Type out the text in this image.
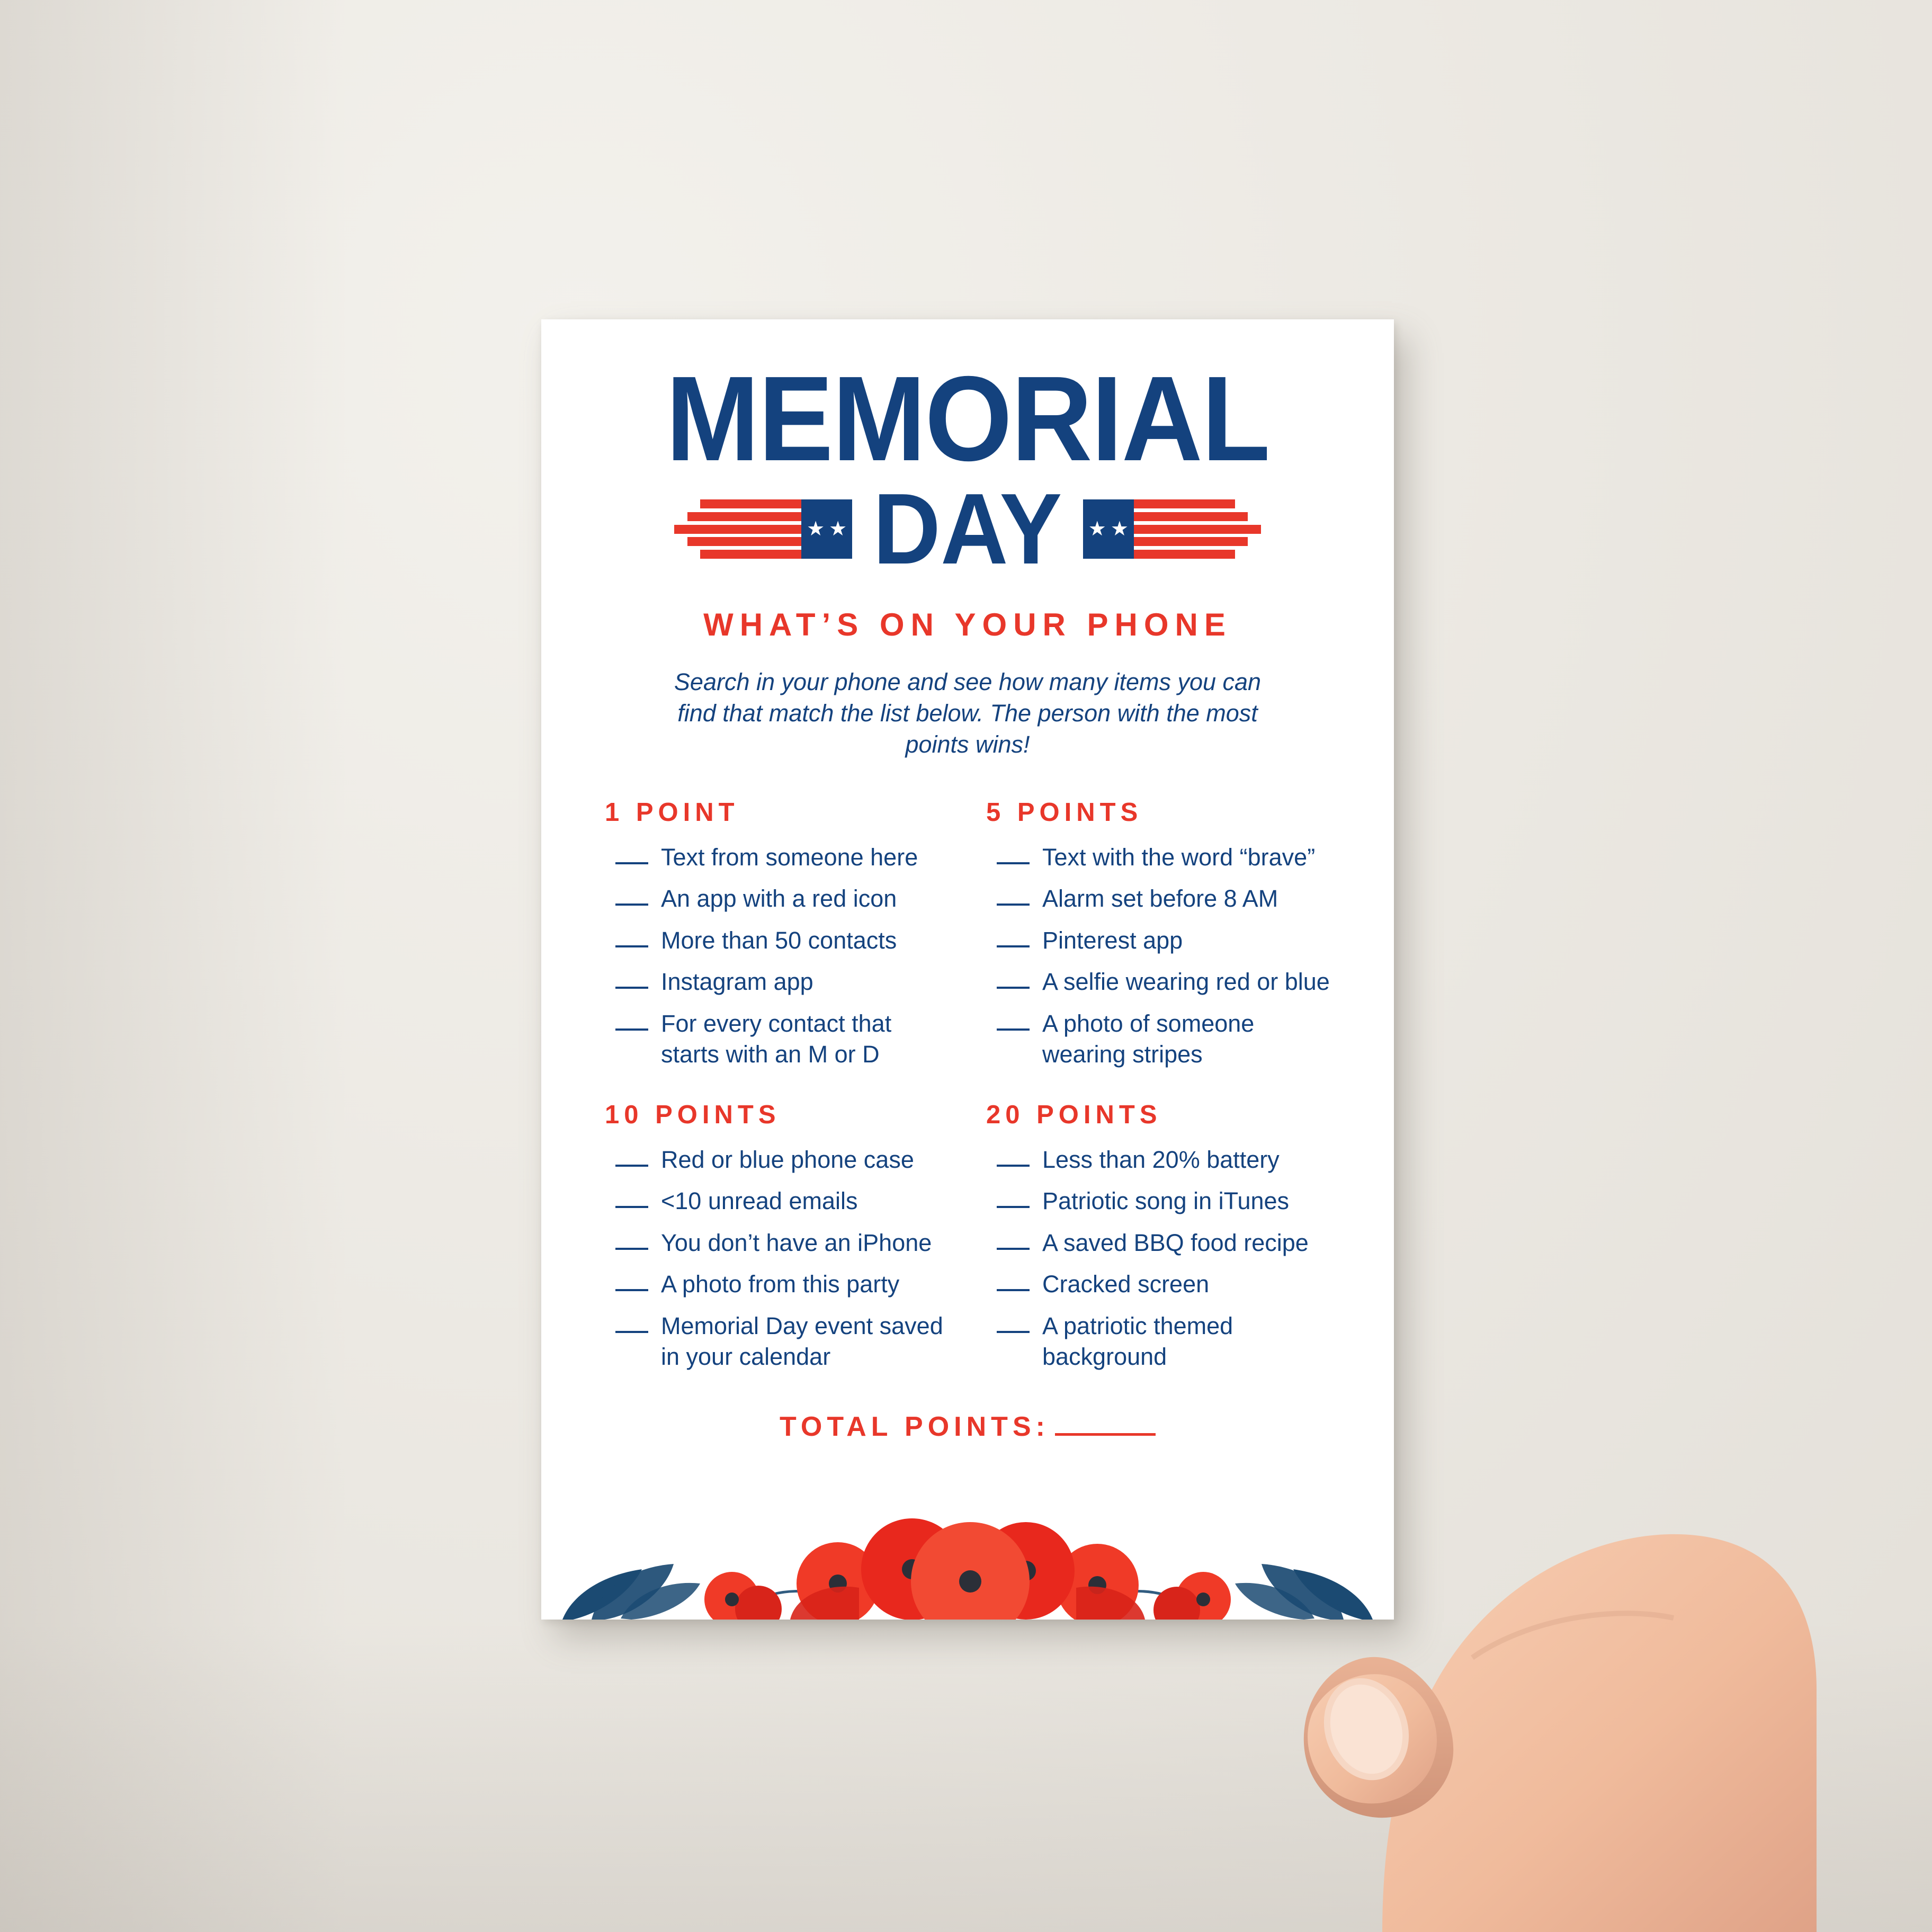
MEMORIAL
★ ★ DAY	★ ★
WHAT’S ON YOUR PHONE
Search in your phone and see how many items you can find that match the list below. The person with the most points wins!
1 POINT
Text from someone here
An app with a red icon
More than 50 contacts
Instagram app
For every contact that starts with an M or D
10 POINTS
Red or blue phone case
<10 unread emails
You don’t have an iPhone
A photo from this party
Memorial Day event saved in your calendar
5 POINTS
Text with the word “brave”
Alarm set before 8 AM
Pinterest app
A selfie wearing red or blue
A photo of someone wearing stripes
20 POINTS
Less than 20% battery
Patriotic song in iTunes
A saved BBQ food recipe
Cracked screen
A patriotic themed background
TOTAL POINTS:
